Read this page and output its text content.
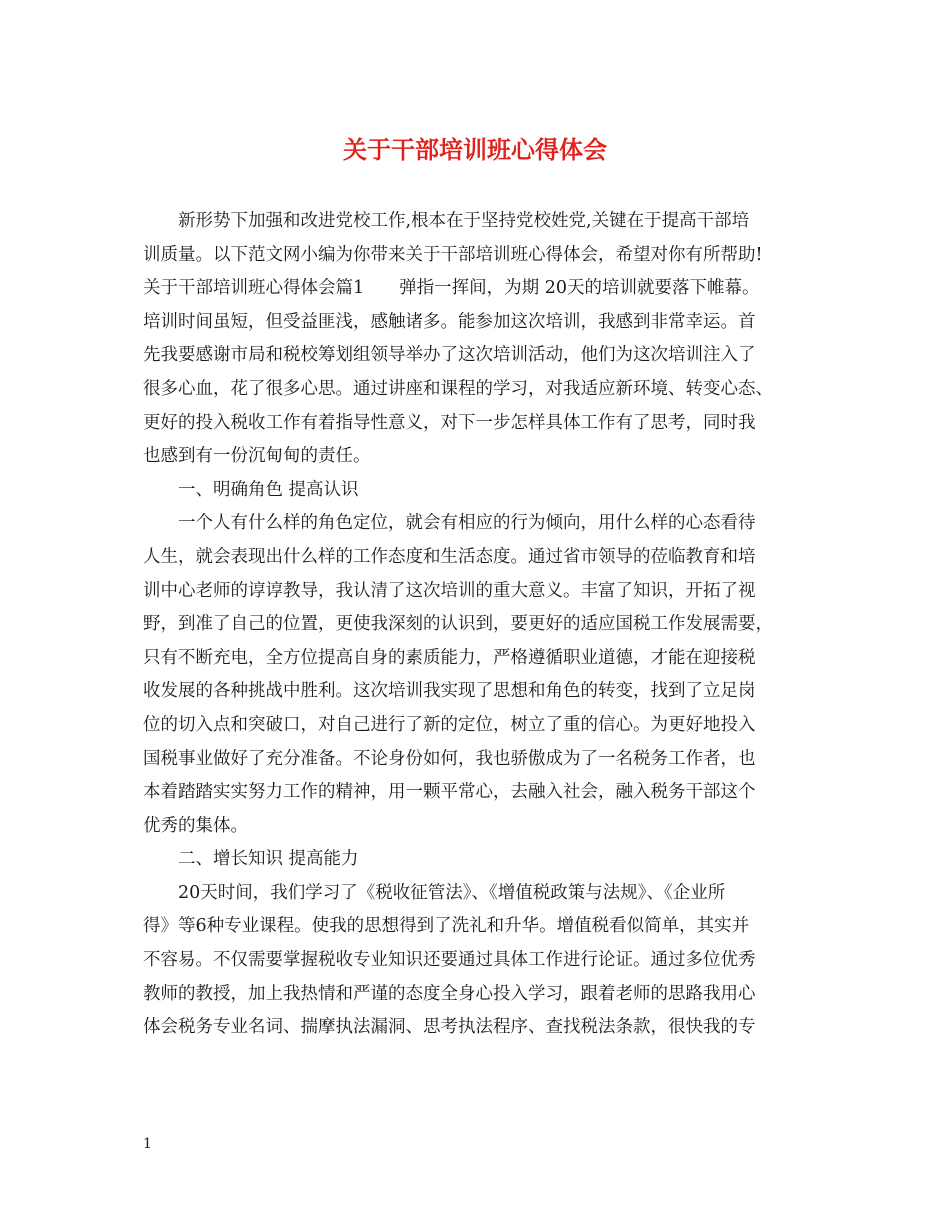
关于干部培训班心得体会
新形势下加强和改进党校工作,根本在于坚持党校姓党,关键在于提高干部培
训质量。以下范文网小编为你带来关于干部培训班心得体会，希望对你有所帮助!
关于干部培训班心得体会篇1　　弹指一挥间，为期 20天的培训就要落下帷幕。
培训时间虽短，但受益匪浅，感触诸多。能参加这次培训，我感到非常幸运。首
先我要感谢市局和税校筹划组领导举办了这次培训活动，他们为这次培训注入了
很多心血，花了很多心思。通过讲座和课程的学习，对我适应新环境、转变心态、
更好的投入税收工作有着指导性意义，对下一步怎样具体工作有了思考，同时我
也感到有一份沉甸甸的责任。
一、明确角色 提高认识
一个人有什么样的角色定位，就会有相应的行为倾向，用什么样的心态看待
人生，就会表现出什么样的工作态度和生活态度。通过省市领导的莅临教育和培
训中心老师的谆谆教导，我认清了这次培训的重大意义。丰富了知识，开拓了视
野，到准了自己的位置，更使我深刻的认识到，要更好的适应国税工作发展需要，
只有不断充电，全方位提高自身的素质能力，严格遵循职业道德，才能在迎接税
收发展的各种挑战中胜利。这次培训我实现了思想和角色的转变，找到了立足岗
位的切入点和突破口，对自己进行了新的定位，树立了重的信心。为更好地投入
国税事业做好了充分准备。不论身份如何，我也骄傲成为了一名税务工作者，也
本着踏踏实实努力工作的精神，用一颗平常心，去融入社会，融入税务干部这个
优秀的集体。
二、增长知识 提高能力
20天时间，我们学习了《税收征管法》、《增值税政策与法规》、《企业所
得》等6种专业课程。使我的思想得到了洗礼和升华。增值税看似简单，其实并
不容易。不仅需要掌握税收专业知识还要通过具体工作进行论证。通过多位优秀
教师的教授，加上我热情和严谨的态度全身心投入学习，跟着老师的思路我用心
体会税务专业名词、揣摩执法漏洞、思考执法程序、查找税法条款，很快我的专
1
